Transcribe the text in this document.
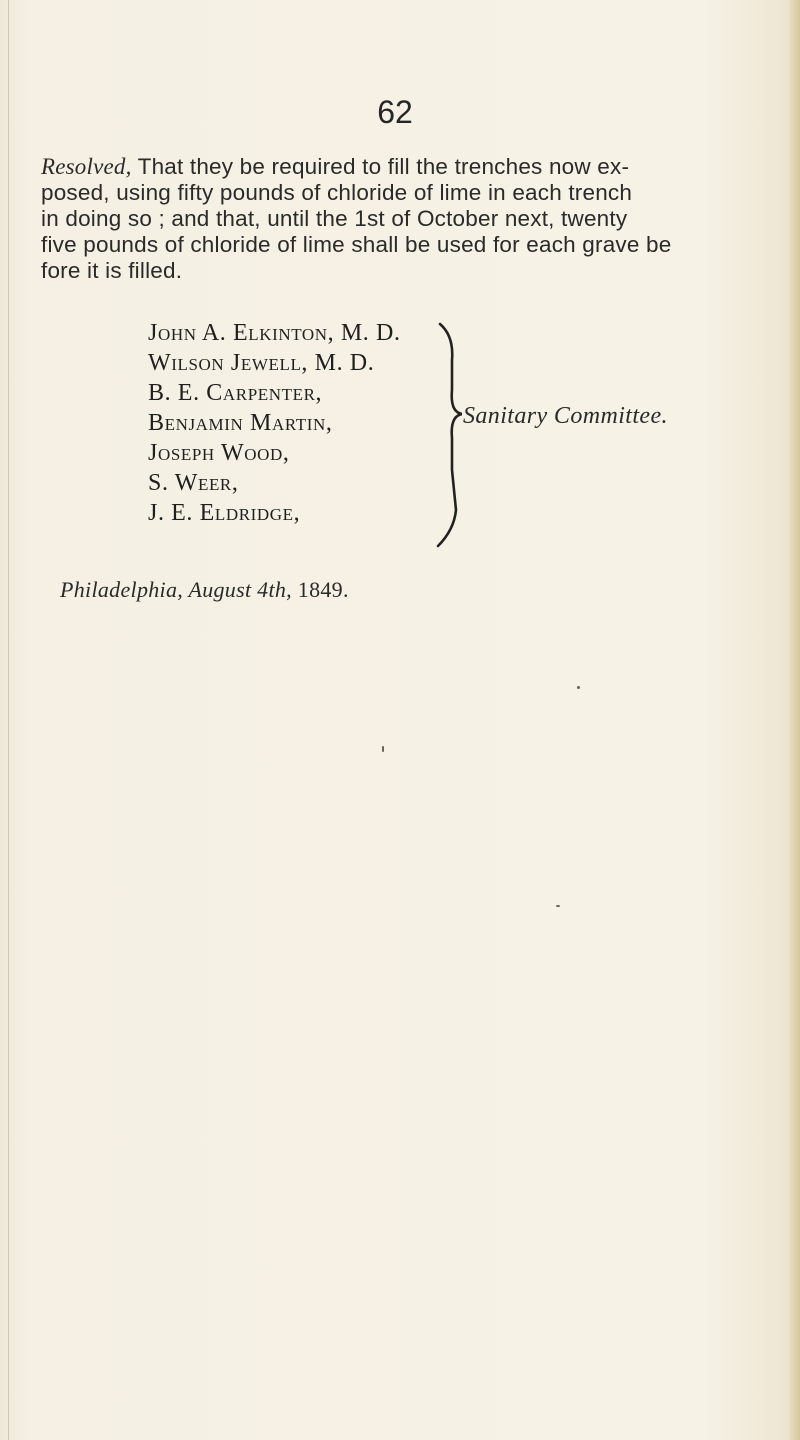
62
Resolved, That they be required to fill the trenches now ex-
posed, using fifty pounds of chloride of lime in each trench
in doing so ; and that, until the 1st of October next, twenty
five pounds of chloride of lime shall be used for each grave be
fore it is filled.
John A. Elkinton, M. D.
Wilson Jewell, M. D.
B. E. Carpenter,
Benjamin Martin,
Joseph Wood,
S. Weer,
J. E. Eldridge,
Sanitary Committee.
Philadelphia, August 4th, 1849.
